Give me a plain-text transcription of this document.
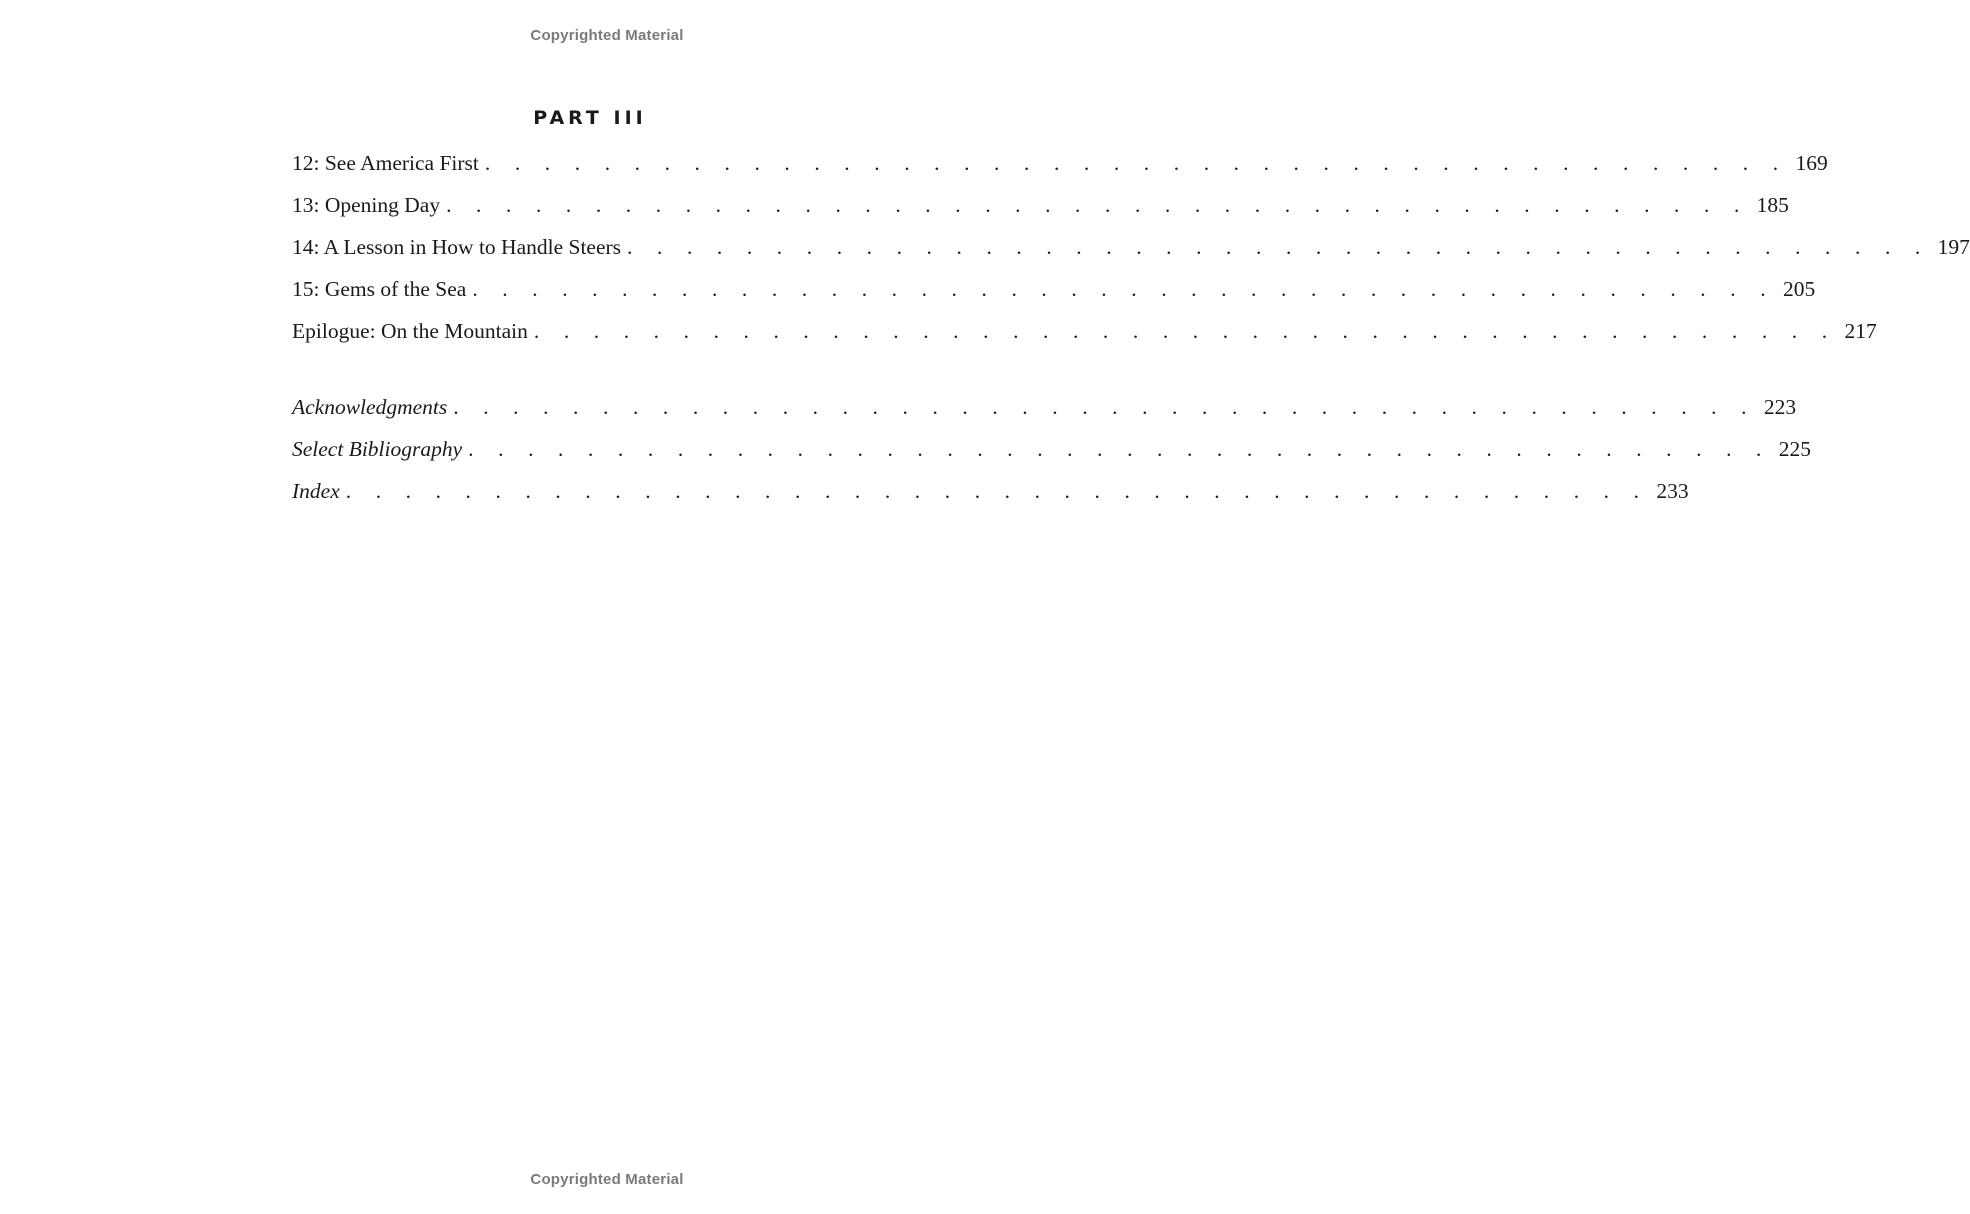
Copyrighted Material
PART III
12: See America First . . . . . . . . . . . . . . . . . . . . . . . . . . . . . . . . . . . . . . . . . . . . 169
13: Opening Day . . . . . . . . . . . . . . . . . . . . . . . . . . . . . . . . . . . . . . . . . . . . 185
14: A Lesson in How to Handle Steers . . . . . . . . . . . . . . . . . . . . . . . . . . . . . . . . . . . . . . . . . . . . 197
15: Gems of the Sea . . . . . . . . . . . . . . . . . . . . . . . . . . . . . . . . . . . . . . . . . . . . 205
Epilogue: On the Mountain . . . . . . . . . . . . . . . . . . . . . . . . . . . . . . . . . . . . . . . . . . . . 217
Acknowledgments . . . . . . . . . . . . . . . . . . . . . . . . . . . . . . . . . . . . . . . . . . . . 223
Select Bibliography . . . . . . . . . . . . . . . . . . . . . . . . . . . . . . . . . . . . . . . . . . . . 225
Index . . . . . . . . . . . . . . . . . . . . . . . . . . . . . . . . . . . . . . . . . . . . 233
Copyrighted Material
